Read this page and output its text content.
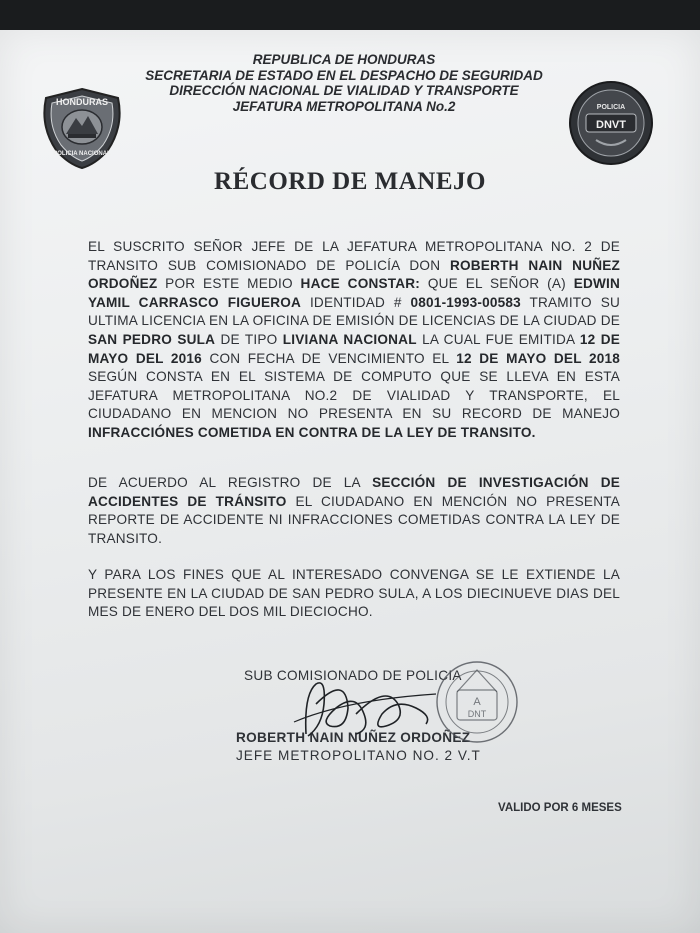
HONDURAS
POLICIA NACIONAL
POLICIA
DNVT
REPUBLICA DE HONDURAS
SECRETARIA DE ESTADO EN EL DESPACHO DE SEGURIDAD
DIRECCIÓN NACIONAL DE VIALIDAD Y TRANSPORTE
JEFATURA METROPOLITANA No.2
RÉCORD DE MANEJO
EL SUSCRITO SEÑOR JEFE DE LA JEFATURA METROPOLITANA NO. 2 DE TRANSITO SUB COMISIONADO DE POLICÍA DON ROBERTH NAIN NUÑEZ ORDOÑEZ POR ESTE MEDIO HACE CONSTAR: QUE EL SEÑOR (A) EDWIN YAMIL CARRASCO FIGUEROA IDENTIDAD # 0801-1993-00583 TRAMITO SU ULTIMA LICENCIA EN LA OFICINA DE EMISIÓN DE LICENCIAS DE LA CIUDAD DE SAN PEDRO SULA DE TIPO LIVIANA NACIONAL LA CUAL FUE EMITIDA 12 DE MAYO DEL 2016 CON FECHA DE VENCIMIENTO EL 12 DE MAYO DEL 2018 SEGÚN CONSTA EN EL SISTEMA DE COMPUTO QUE SE LLEVA EN ESTA JEFATURA METROPOLITANA NO.2 DE VIALIDAD Y TRANSPORTE, EL CIUDADANO EN MENCION NO PRESENTA EN SU RECORD DE MANEJO INFRACCIÓNES COMETIDA EN CONTRA DE LA LEY DE TRANSITO.
DE ACUERDO AL REGISTRO DE LA SECCIÓN DE INVESTIGACIÓN DE ACCIDENTES DE TRÁNSITO EL CIUDADANO EN MENCIÓN NO PRESENTA REPORTE DE ACCIDENTE NI INFRACCIONES COMETIDAS CONTRA LA LEY DE TRANSITO.
Y PARA LOS FINES QUE AL INTERESADO CONVENGA SE LE EXTIENDE LA PRESENTE EN LA CIUDAD DE SAN PEDRO SULA, A LOS DIECINUEVE DIAS DEL MES DE ENERO DEL DOS MIL DIECIOCHO.
SUB COMISIONADO DE POLICIA
ROBERTH NAIN NUÑEZ ORDOÑEZ
JEFE METROPOLITANO NO. 2 V.T
A
DNT
VALIDO POR 6 MESES
